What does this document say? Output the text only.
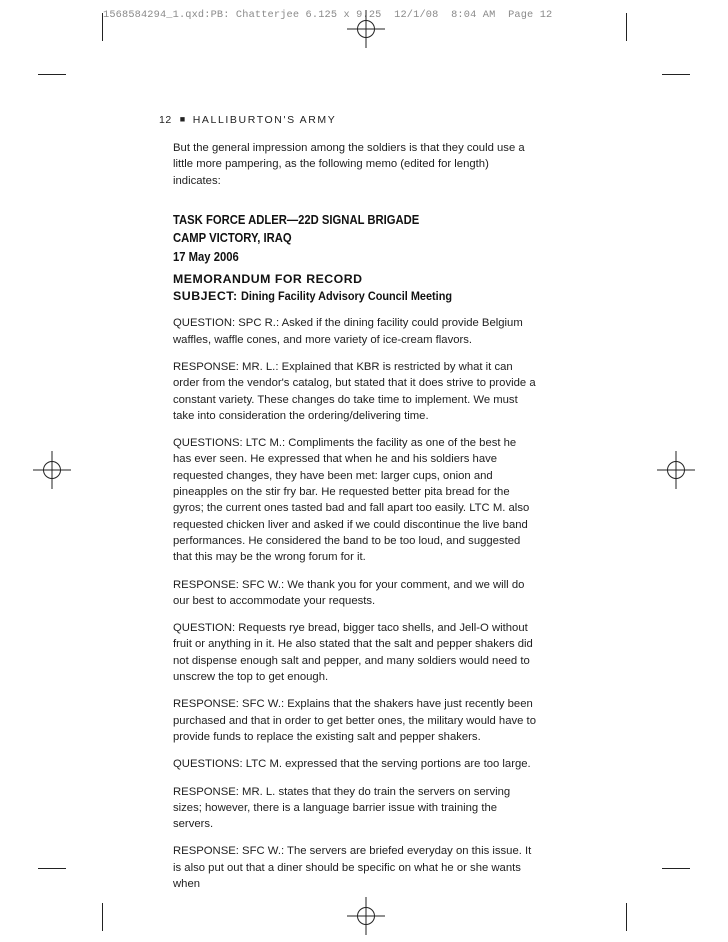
1568584294_1.qxd:PB: Chatterjee 6.125 x 9.25  12/1/08  8:04 AM  Page 12
12 ■ HALLIBURTON'S ARMY

But the general impression among the soldiers is that they could use a little more pampering, as the following memo (edited for length) indicates:

TASK FORCE ADLER—22D SIGNAL BRIGADE
CAMP VICTORY, IRAQ
17 May 2006
MEMORANDUM FOR RECORD
SUBJECT: Dining Facility Advisory Council Meeting

QUESTION: SPC R.: Asked if the dining facility could provide Belgium waffles, waffle cones, and more variety of ice-cream flavors.

RESPONSE: MR. L.: Explained that KBR is restricted by what it can order from the vendor's catalog, but stated that it does strive to provide a constant variety. These changes do take time to implement. We must take into consideration the ordering/delivering time.

QUESTIONS: LTC M.: Compliments the facility as one of the best he has ever seen. He expressed that when he and his soldiers have requested changes, they have been met: larger cups, onion and pineapples on the stir fry bar. He requested better pita bread for the gyros; the current ones tasted bad and fall apart too easily. LTC M. also requested chicken liver and asked if we could discontinue the live band performances. He considered the band to be too loud, and suggested that this may be the wrong forum for it.

RESPONSE: SFC W.: We thank you for your comment, and we will do our best to accommodate your requests.

QUESTION: Requests rye bread, bigger taco shells, and Jell-O without fruit or anything in it. He also stated that the salt and pepper shakers did not dispense enough salt and pepper, and many soldiers would need to unscrew the top to get enough.

RESPONSE: SFC W.: Explains that the shakers have just recently been purchased and that in order to get better ones, the military would have to provide funds to replace the existing salt and pepper shakers.

QUESTIONS: LTC M. expressed that the serving portions are too large.

RESPONSE: MR. L. states that they do train the servers on serving sizes; however, there is a language barrier issue with training the servers.

RESPONSE: SFC W.: The servers are briefed everyday on this issue. It is also put out that a diner should be specific on what he or she wants when
